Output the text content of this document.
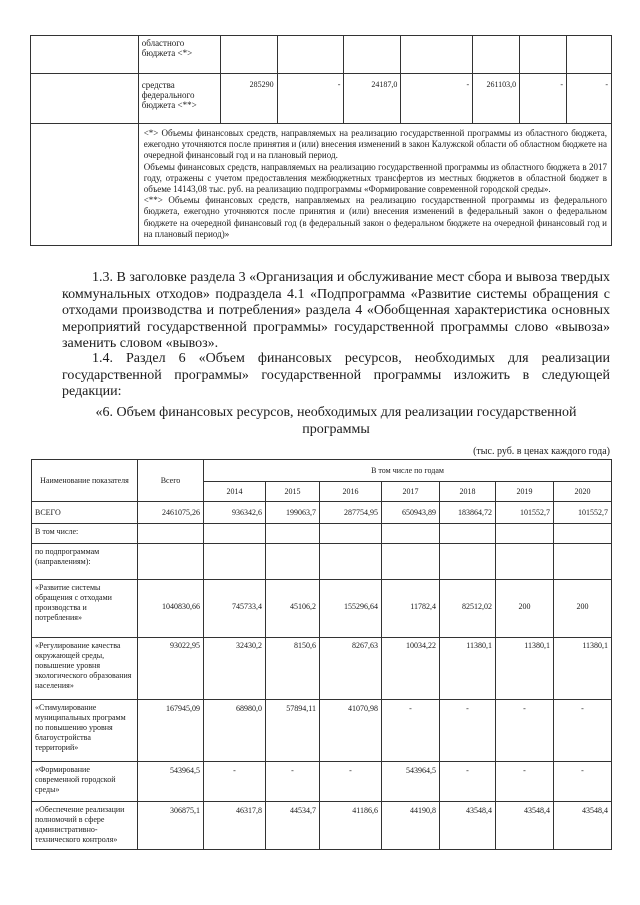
	областного бюджета <*>							
	средства федерального бюджета <**>	285290	-	24187,0	-	261103,0	-	-

	<*> Объемы финансовых средств, направляемых на реализацию государственной программы из областного бюджета, ежегодно уточняются после принятия и (или) внесения изменений в закон Калужской области об областном бюджете на очередной финансовый год и на плановый период.

Объемы финансовых средств, направляемых на реализацию государственной программы из областного бюджета в 2017 году, отражены с учетом предоставления межбюджетных трансфертов из местных бюджетов в областной бюджет в объеме 14143,08 тыс. руб. на реализацию подпрограммы «Формирование современной городской среды».

<**> Объемы финансовых средств, направляемых на реализацию государственной программы из федерального бюджета, ежегодно уточняются после принятия и (или) внесения изменений в федеральный закон о федеральном бюджете на очередной финансовый год (в федеральный закон о федеральном бюджете на очередной финансовый год и на плановый период)»							

1.3. В заголовке раздела 3 «Организация и обслуживание мест сбора и вывоза твердых коммунальных отходов» подраздела 4.1 «Подпрограмма «Развитие системы обращения с отходами производства и потребления» раздела 4 «Обобщенная характеристика основных мероприятий государственной программы» государственной программы слово «вывоза» заменить словом «вывоз».

1.4. Раздел 6 «Объем финансовых ресурсов, необходимых для реализации государственной программы» государственной программы изложить в следующей редакции:

«6. Объем финансовых ресурсов, необходимых для реализации государственной программы

(тыс. руб. в ценах каждого года)
Наименование показателя	Всего	В том числе по годам						
		2014	2015	2016	2017	2018	2019	2020
ВСЕГО	2461075,26	936342,6	199063,7	287754,95	650943,89	183864,72	101552,7	101552,7
В том числе:								
по подпрограммам (направлениям):								
«Развитие системы обращения с отходами производства и потребления»	1040830,66	745733,4	45106,2	155296,64	11782,4	82512,02	200	200
«Регулирование качества окружающей среды, повышение уровня экологического образования населения»	93022,95	32430,2	8150,6	8267,63	10034,22	11380,1	11380,1	11380,1
«Стимулирование муниципальных программ по повышению уровня благоустройства территорий»	167945,09	68980,0	57894,11	41070,98	-	-	-	-
«Формирование современной городской среды»	543964,5	-	-	-	543964,5	-	-	-
«Обеспечение реализации полномочий в сфере административно-технического контроля»	306875,1	46317,8	44534,7	41186,6	44190,8	43548,4	43548,4	43548,4
